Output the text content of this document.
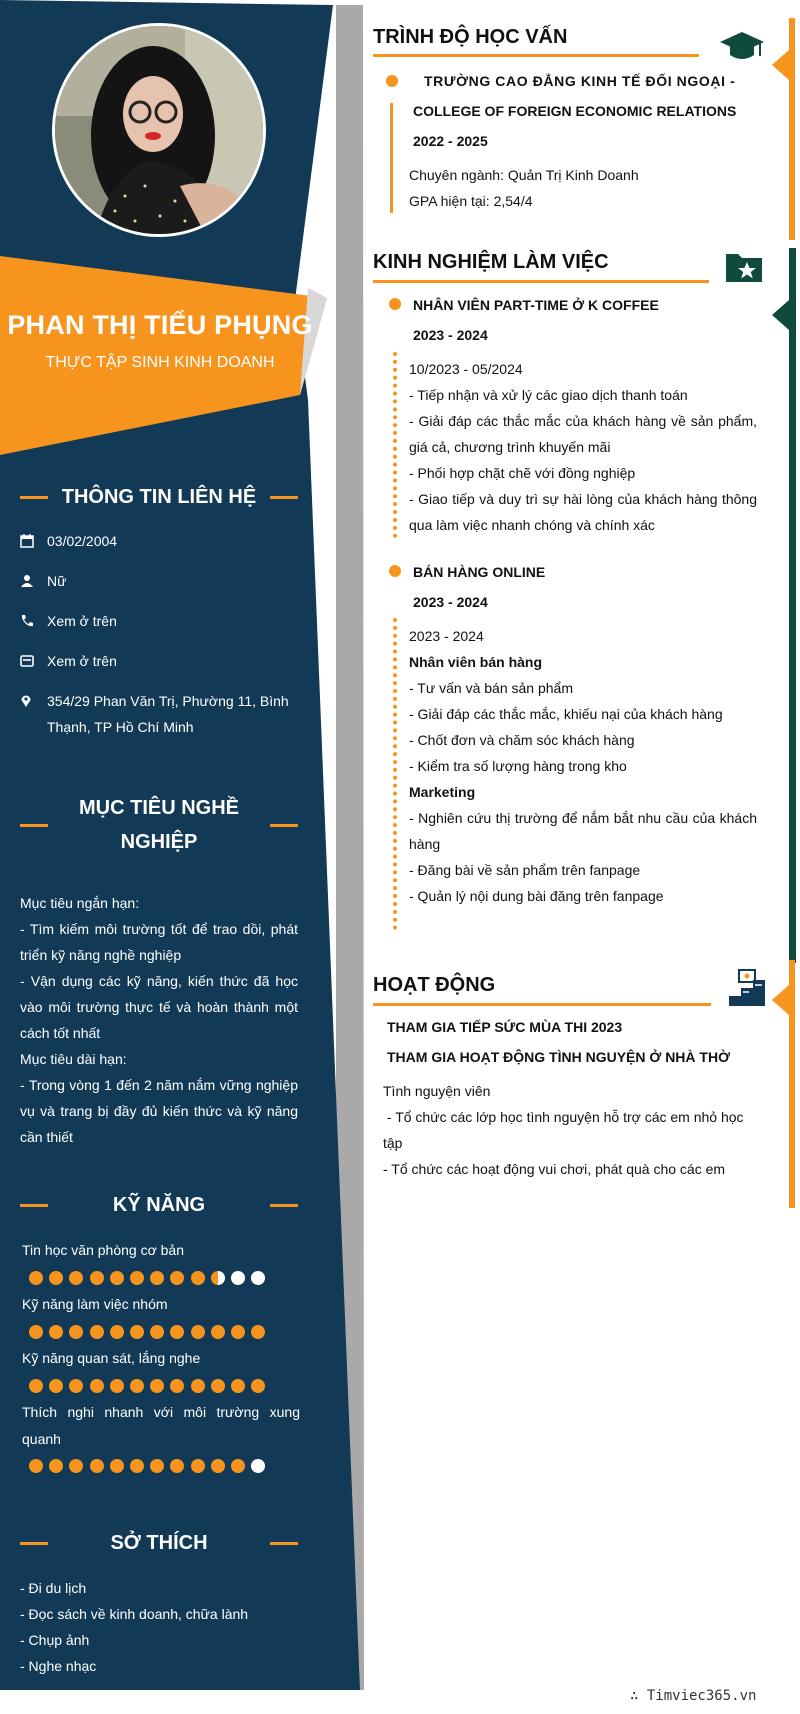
PHAN THỊ TIỂU PHỤNG
THỰC TẬP SINH KINH DOANH
THÔNG TIN LIÊN HỆ
03/02/2004
Nữ
Xem ở trên
Xem ở trên
354/29 Phan Văn Trị, Phường 11, Bình Thạnh, TP Hồ Chí Minh
MỤC TIÊU NGHỀ NGHIỆP
Mục tiêu ngắn hạn:
- Tìm kiếm môi trường tốt để trao dồi, phát triển kỹ năng nghề nghiệp
- Vận dụng các kỹ năng, kiến thức đã học vào môi trường thực tế và hoàn thành một cách tốt nhất
Mục tiêu dài hạn:
- Trong vòng 1 đến 2 năm nắm vững nghiệp vụ và trang bị đầy đủ kiến thức và kỹ năng cần thiết
KỸ NĂNG
Tin học văn phòng cơ bản
Kỹ năng làm việc nhóm
Kỹ năng quan sát, lắng nghe
Thích nghi nhanh với môi trường xung quanh
SỞ THÍCH
- Đi du lịch
- Đọc sách về kinh doanh, chữa lành
- Chụp ảnh
- Nghe nhạc
TRÌNH ĐỘ HỌC VẤN
TRƯỜNG CAO ĐẲNG KINH TẾ ĐỐI NGOẠI -
COLLEGE OF FOREIGN ECONOMIC RELATIONS
2022 - 2025
Chuyên ngành: Quản Trị Kinh Doanh
GPA hiện tại: 2,54/4
KINH NGHIỆM LÀM VIỆC
NHÂN VIÊN PART-TIME Ở K COFFEE
2023 - 2024
10/2023 - 05/2024
- Tiếp nhận và xử lý các giao dịch thanh toán
- Giải đáp các thắc mắc của khách hàng về sản phẩm, giá cả, chương trình khuyến mãi
- Phối hợp chặt chẽ với đồng nghiệp
- Giao tiếp và duy trì sự hài lòng của khách hàng thông qua làm việc nhanh chóng và chính xác
BÁN HÀNG ONLINE
2023 - 2024
2023 - 2024
Nhân viên bán hàng
- Tư vấn và bán sản phẩm
- Giải đáp các thắc mắc, khiếu nại của khách hàng
- Chốt đơn và chăm sóc khách hàng
- Kiểm tra số lượng hàng trong kho
Marketing
- Nghiên cứu thị trường để nắm bắt nhu cầu của khách hàng
- Đăng bài về sản phẩm trên fanpage
- Quản lý nội dung bài đăng trên fanpage
HOẠT ĐỘNG
THAM GIA TIẾP SỨC MÙA THI 2023
THAM GIA HOẠT ĐỘNG TÌNH NGUYỆN Ở NHÀ THỜ
Tình nguyện viên
- Tổ chức các lớp học tình nguyện hỗ trợ các em nhỏ học tập
- Tổ chức các hoạt động vui chơi, phát quà cho các em
∴ Timviec365.vn
